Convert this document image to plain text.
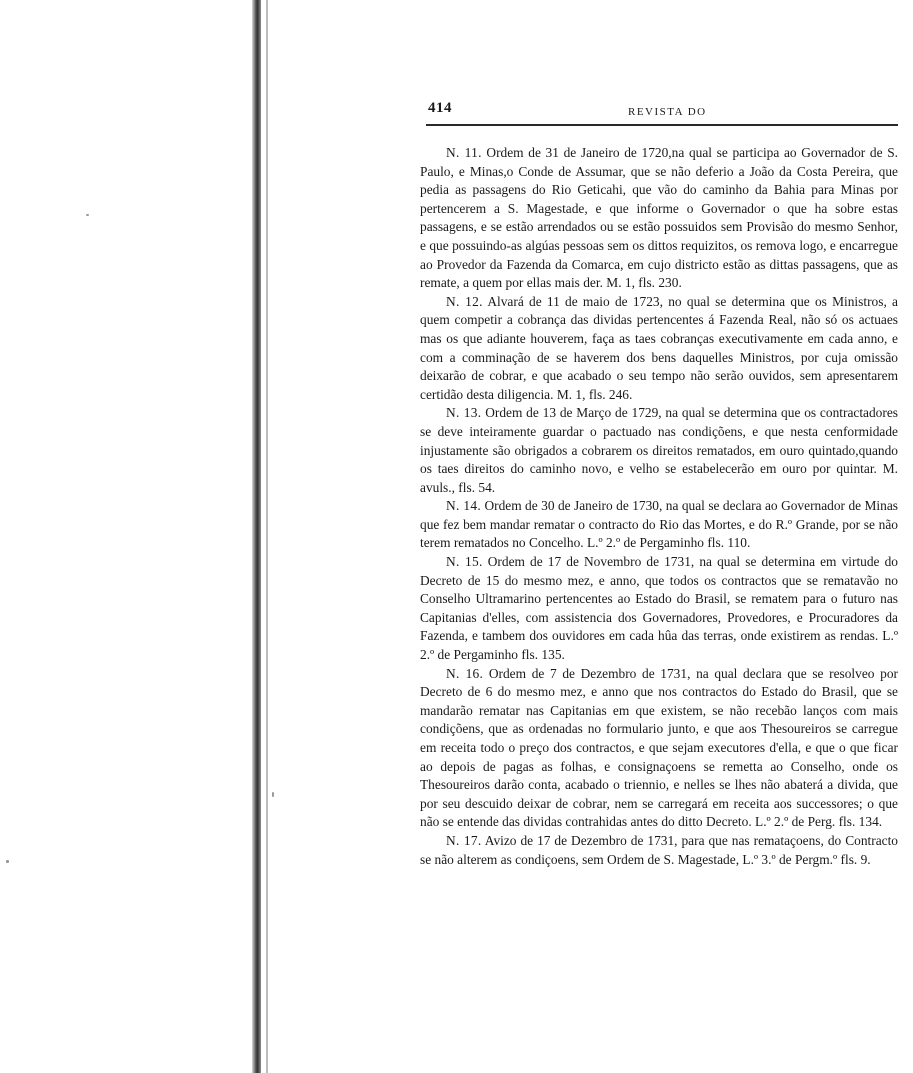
414	REVISTA DO

N. 11. Ordem de 31 de Janeiro de 1720,na qual se participa ao Governador de S. Paulo, e Minas,o Conde de Assumar, que se não deferio a João da Costa Pereira, que pedia as passagens do Rio Geticahi, que vão do caminho da Bahia para Minas por pertencerem a S. Magestade, e que informe o Governador o que ha sobre estas passagens, e se estão arrendados ou se estão possuidos sem Provisão do mesmo Senhor, e que possuindo-as algúas pessoas sem os dittos requizitos, os remova logo, e encarregue ao Provedor da Fazenda da Comarca, em cujo districto estão as dittas passagens, que as remate, a quem por ellas mais der. M. 1, fls. 230.

N. 12. Alvará de 11 de maio de 1723, no qual se determina que os Ministros, a quem competir a cobrança das dividas pertencentes á Fazenda Real, não só os actuaes mas os que adiante houverem, faça as taes cobranças executivamente em cada anno, e com a comminação de se haverem dos bens daquelles Ministros, por cuja omissão deixarão de cobrar, e que acabado o seu tempo não serão ouvidos, sem apresentarem certidão desta diligencia. M. 1, fls. 246.

N. 13. Ordem de 13 de Março de 1729, na qual se determina que os contractadores se deve inteiramente guardar o pactuado nas condiçõens, e que nesta cenformidade injustamente são obrigados a cobrarem os direitos rematados, em ouro quintado,quando os taes direitos do caminho novo, e velho se estabelecerão em ouro por quintar. M. avuls., fls. 54.

N. 14. Ordem de 30 de Janeiro de 1730, na qual se declara ao Governador de Minas que fez bem mandar rematar o contracto do Rio das Mortes, e do R.º Grande, por se não terem rematados no Concelho. L.º 2.º de Pergaminho fls. 110.

N. 15. Ordem de 17 de Novembro de 1731, na qual se determina em virtude do Decreto de 15 do mesmo mez, e anno, que todos os contractos que se rematavão no Conselho Ultramarino pertencentes ao Estado do Brasil, se rematem para o futuro nas Capitanias d'elles, com assistencia dos Governadores, Provedores, e Procuradores da Fazenda, e tambem dos ouvidores em cada hûa das terras, onde existirem as rendas. L.º 2.º de Pergaminho fls. 135.

N. 16. Ordem de 7 de Dezembro de 1731, na qual declara que se resolveo por Decreto de 6 do mesmo mez, e anno que nos contractos do Estado do Brasil, que se mandarão rematar nas Capitanias em que existem, se não recebão lanços com mais condiçõens, que as ordenadas no formulario junto, e que aos Thesoureiros se carregue em receita todo o preço dos contractos, e que sejam executores d'ella, e que o que ficar ao depois de pagas as folhas, e consignaçoens se remetta ao Conselho, onde os Thesoureiros darão conta, acabado o triennio, e nelles se lhes não abaterá a divida, que por seu descuido deixar de cobrar, nem se carregará em receita aos successores; o que não se entende das dividas contrahidas antes do ditto Decreto. L.º 2.º de Perg. fls. 134.

N. 17. Avizo de 17 de Dezembro de 1731, para que nas remataçoens, do Contracto se não alterem as condiçoens, sem Ordem de S. Magestade, L.º 3.º de Pergm.º fls. 9.
